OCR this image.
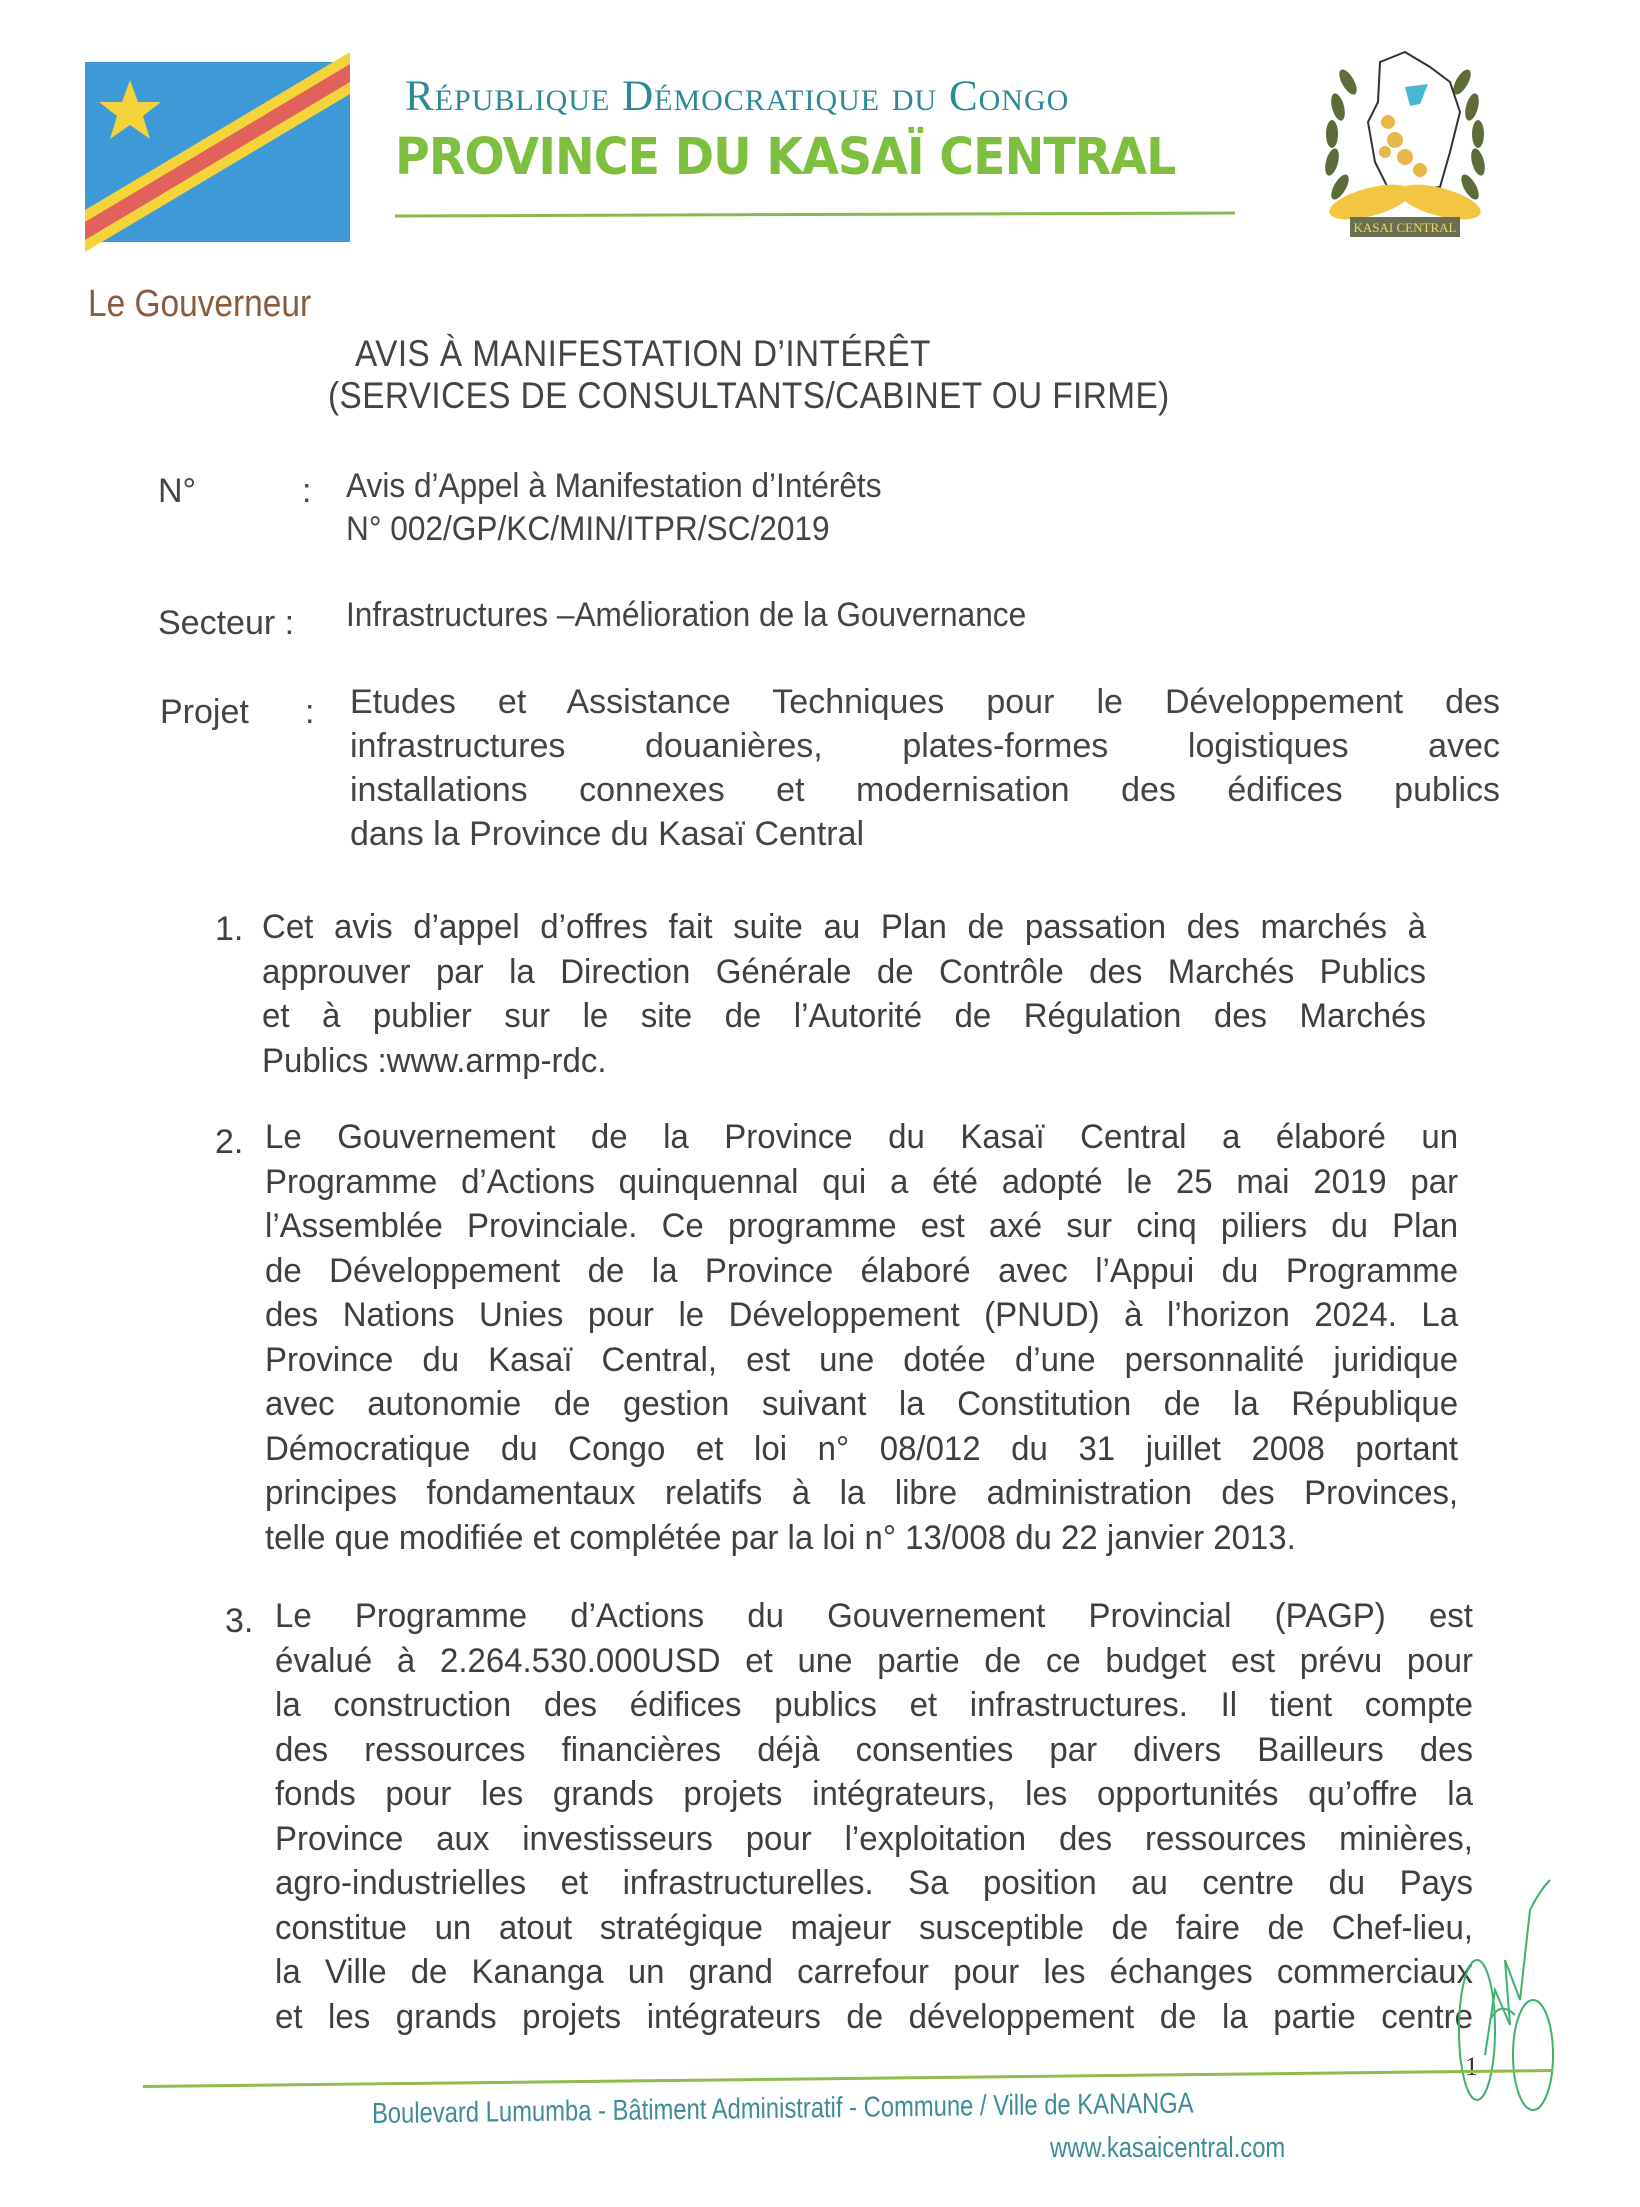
République Démocratique du Congo
PROVINCE DU KASAÏ CENTRAL
KASAI CENTRAL
Le Gouverneur
AVIS À MANIFESTATION D’INTÉRÊT
(SERVICES DE CONSULTANTS/CABINET OU FIRME)
N°	: Avis d’Appel à Manifestation d’Intérêts
N° 002/GP/KC/MIN/ITPR/SC/2019
Secteur : Infrastructures –Amélioration de la Gouvernance
Projet : Etudes et Assistance Techniques pour le Développement des
infrastructures douanières, plates-formes logistiques avec
installations connexes et modernisation des édifices publics
dans la Province du Kasaï Central
1. Cet avis d’appel d’offres fait suite au Plan de passation des marchés à
approuver par la Direction Générale de Contrôle des Marchés Publics
et à publier sur le site de l’Autorité de Régulation des Marchés
Publics :www.armp-rdc.
2. Le Gouvernement de la Province du Kasaï Central a élaboré un
Programme d’Actions quinquennal qui a été adopté le 25 mai 2019 par
l’Assemblée Provinciale. Ce programme est axé sur cinq piliers du Plan
de Développement de la Province élaboré avec l’Appui du Programme
des Nations Unies pour le Développement (PNUD) à l’horizon 2024. La
Province du Kasaï Central, est une dotée d’une personnalité juridique
avec autonomie de gestion suivant la Constitution de la République
Démocratique du Congo et loi n° 08/012 du 31 juillet 2008 portant
principes fondamentaux relatifs à la libre administration des Provinces,
telle que modifiée et complétée par la loi n° 13/008 du 22 janvier 2013.
3. Le Programme d’Actions du Gouvernement Provincial (PAGP) est
évalué à 2.264.530.000USD et une partie de ce budget est prévu pour
la construction des édifices publics et infrastructures. Il tient compte
des ressources financières déjà consenties par divers Bailleurs des
fonds pour les grands projets intégrateurs, les opportunités qu’offre la
Province aux investisseurs pour l’exploitation des ressources minières,
agro-industrielles et infrastructurelles. Sa position au centre du Pays
constitue un atout stratégique majeur susceptible de faire de Chef-lieu,
la Ville de Kananga un grand carrefour pour les échanges commerciaux
et les grands projets intégrateurs de développement de la partie centre
1
Boulevard Lumumba - Bâtiment Administratif - Commune / Ville de KANANGA
www.kasaicentral.com
